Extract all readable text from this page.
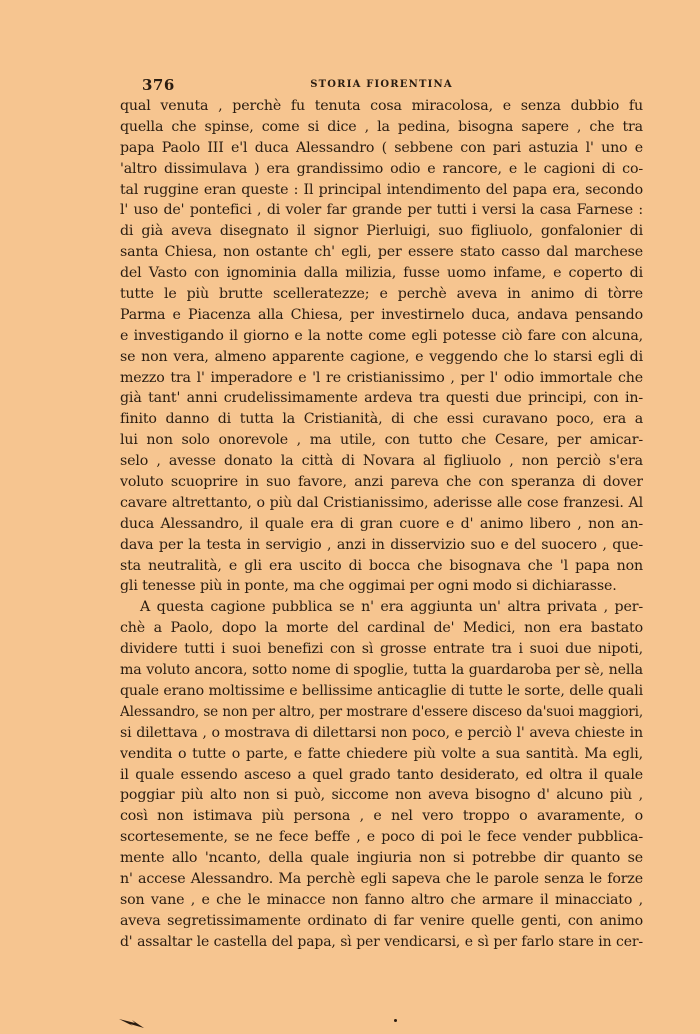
376	STORIA FIORENTINA
qual venuta , perchè fu tenuta cosa miracolosa, e senza dubbio fu
quella che spinse, come si dice , la pedina, bisogna sapere , che tra
papa Paolo III e'l duca Alessandro ( sebbene con pari astuzia l' uno e
'altro dissimulava ) era grandissimo odio e rancore, e le cagioni di co-
tal ruggine eran queste : Il principal intendimento del papa era, secondo
l' uso de' pontefici , di voler far grande per tutti i versi la casa Farnese :
di già aveva disegnato il signor Pierluigi, suo figliuolo, gonfalonier di
santa Chiesa, non ostante ch' egli, per essere stato casso dal marchese
del Vasto con ignominia dalla milizia, fusse uomo infame, e coperto di
tutte le più brutte scelleratezze; e perchè aveva in animo di tòrre
Parma e Piacenza alla Chiesa, per investirnelo duca, andava pensando
e investigando il giorno e la notte come egli potesse ciò fare con alcuna,
se non vera, almeno apparente cagione, e veggendo che lo starsi egli di
mezzo tra l' imperadore e 'l re cristianissimo , per l' odio immortale che
già tant' anni crudelissimamente ardeva tra questi due principi, con in-
finito danno di tutta la Cristianità, di che essi curavano poco, era a
lui non solo onorevole , ma utile, con tutto che Cesare, per amicar-
selo , avesse donato la città di Novara al figliuolo , non perciò s'era
voluto scuoprire in suo favore, anzi pareva che con speranza di dover
cavare altrettanto, o più dal Cristianissimo, aderisse alle cose franzesi. Al
duca Alessandro, il quale era di gran cuore e d' animo libero , non an-
dava per la testa in servigio , anzi in disservizio suo e del suocero , que-
sta neutralità, e gli era uscito di bocca che bisognava che 'l papa non
gli tenesse più in ponte, ma che oggimai per ogni modo si dichiarasse.
A questa cagione pubblica se n' era aggiunta un' altra privata , per-
chè a Paolo, dopo la morte del cardinal de' Medici, non era bastato
dividere tutti i suoi benefizi con sì grosse entrate tra i suoi due nipoti,
ma voluto ancora, sotto nome di spoglie, tutta la guardaroba per sè, nella
quale erano moltissime e bellissime anticaglie di tutte le sorte, delle quali
Alessandro, se non per altro, per mostrare d'essere disceso da'suoi maggiori,
si dilettava , o mostrava di dilettarsi non poco, e perciò l' aveva chieste in
vendita o tutte o parte, e fatte chiedere più volte a sua santità. Ma egli,
il quale essendo asceso a quel grado tanto desiderato, ed oltra il quale
poggiar più alto non si può, siccome non aveva bisogno d' alcuno più ,
così non istimava più persona , e nel vero troppo o avaramente, o
scortesemente, se ne fece beffe , e poco di poi le fece vender pubblica-
mente allo 'ncanto, della quale ingiuria non si potrebbe dir quanto se
n' accese Alessandro. Ma perchè egli sapeva che le parole senza le forze
son vane , e che le minacce non fanno altro che armare il minacciato ,
aveva segretissimamente ordinato di far venire quelle genti, con animo
d' assaltar le castella del papa, sì per vendicarsi, e sì per farlo stare in cer-
